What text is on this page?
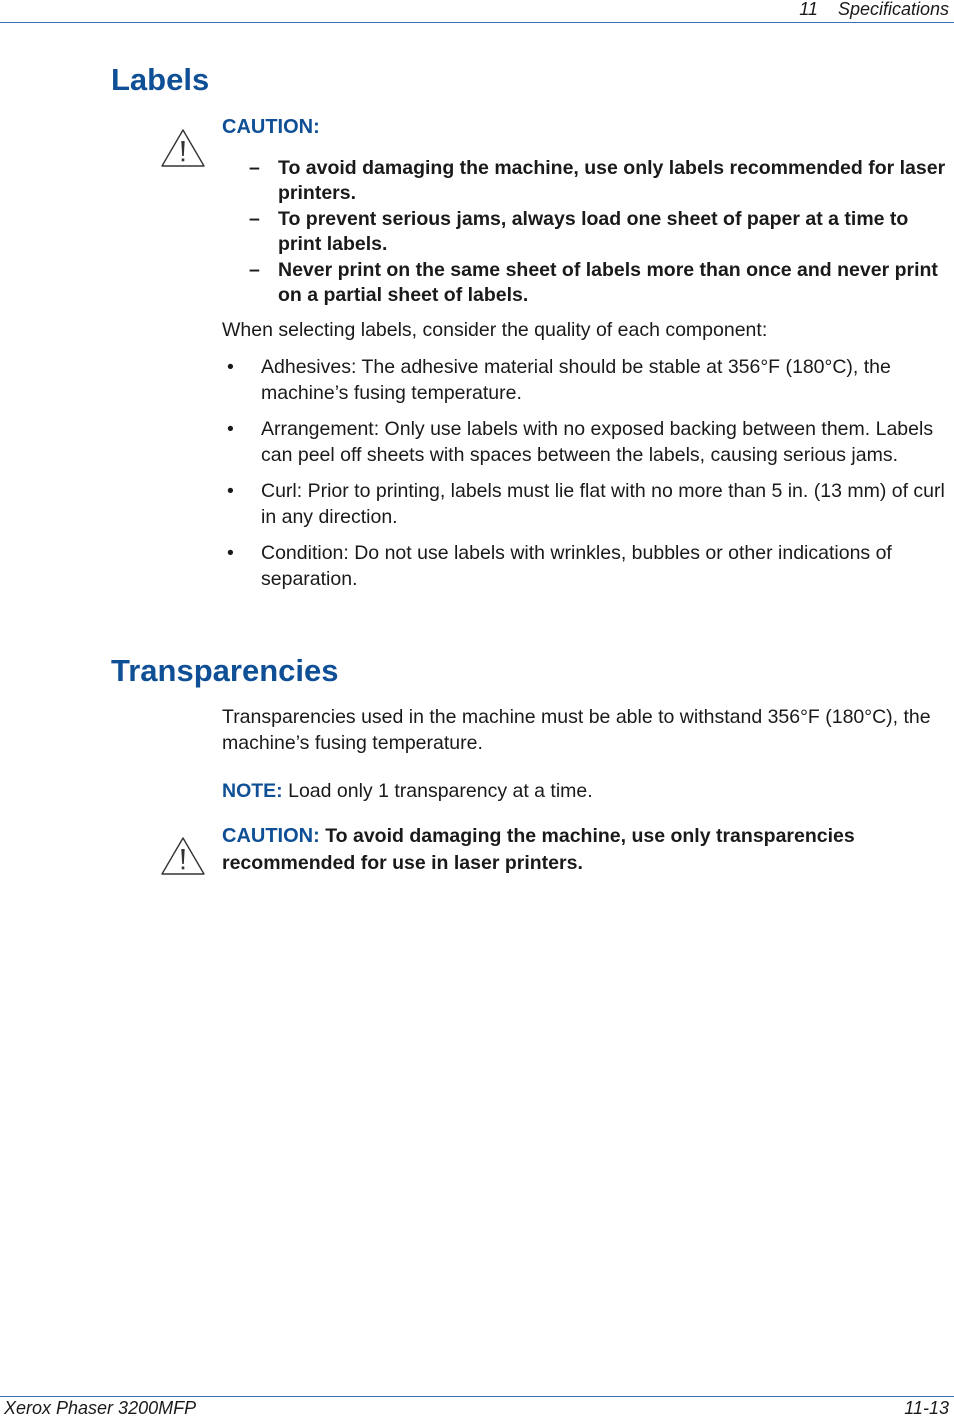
11 Specifications
Labels
CAUTION:
– To avoid damaging the machine, use only labels recommended for laser printers.
– To prevent serious jams, always load one sheet of paper at a time to print labels.
– Never print on the same sheet of labels more than once and never print on a partial sheet of labels.
When selecting labels, consider the quality of each component:
• Adhesives: The adhesive material should be stable at 356°F (180°C), the machine’s fusing temperature.
• Arrangement: Only use labels with no exposed backing between them. Labels can peel off sheets with spaces between the labels, causing serious jams.
• Curl: Prior to printing, labels must lie flat with no more than 5 in. (13 mm) of curl in any direction.
• Condition: Do not use labels with wrinkles, bubbles or other indications of separation.
Transparencies
Transparencies used in the machine must be able to withstand 356°F (180°C), the machine’s fusing temperature.
NOTE: Load only 1 transparency at a time.
CAUTION: To avoid damaging the machine, use only transparencies recommended for use in laser printers.
Xerox Phaser 3200MFP	11-13
